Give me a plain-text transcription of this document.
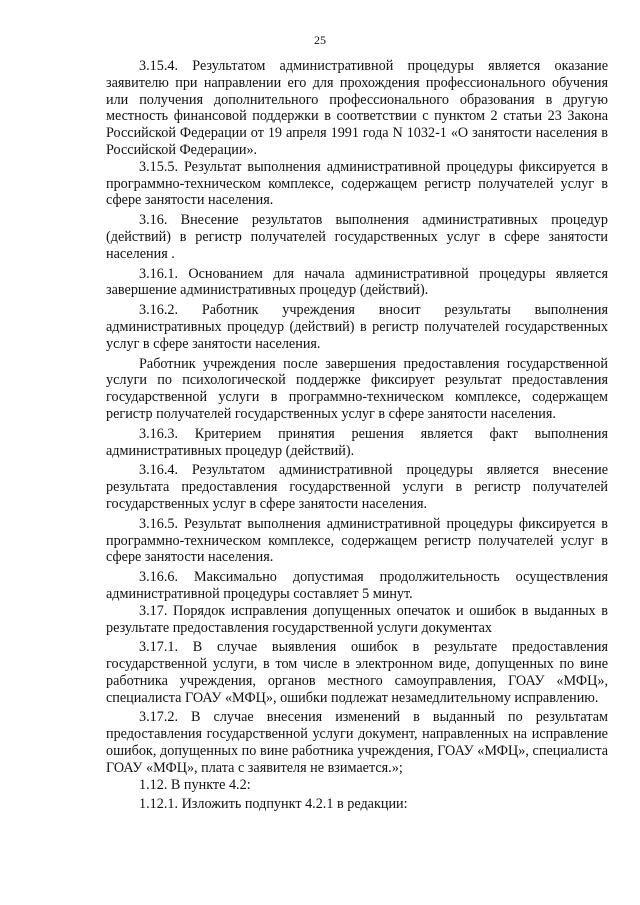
25

3.15.4. Результатом административной процедуры является оказание заявителю при направлении его для прохождения профессионального обучения или получения дополнительного профессионального образования в другую местность финансовой поддержки в соответствии с пунктом 2 статьи 23 Закона Российской Федерации от 19 апреля 1991 года N 1032-1 «О занятости населения в Российской Федерации».

3.15.5. Результат выполнения административной процедуры фиксируется в программно-техническом комплексе, содержащем регистр получателей услуг в сфере занятости населения.

3.16. Внесение результатов выполнения административных процедур (действий) в регистр получателей государственных услуг в сфере занятости населения .

3.16.1. Основанием для начала административной процедуры является завершение административных процедур (действий).

3.16.2. Работник учреждения вносит результаты выполнения административных процедур (действий) в регистр получателей государственных услуг в сфере занятости населения.

Работник учреждения после завершения предоставления государственной услуги по психологической поддержке фиксирует результат предоставления государственной услуги в программно-техническом комплексе, содержащем регистр получателей государственных услуг в сфере занятости населения.

3.16.3. Критерием принятия решения является факт выполнения административных процедур (действий).

3.16.4. Результатом административной процедуры является внесение результата предоставления государственной услуги в регистр получателей государственных услуг в сфере занятости населения.

3.16.5. Результат выполнения административной процедуры фиксируется в программно-техническом комплексе, содержащем регистр получателей услуг в сфере занятости населения.

3.16.6. Максимально допустимая продолжительность осуществления административной процедуры составляет 5 минут.

3.17. Порядок исправления допущенных опечаток и ошибок в выданных в результате предоставления государственной услуги документах

3.17.1. В случае выявления ошибок в результате предоставления государственной услуги, в том числе в электронном виде, допущенных по вине работника учреждения, органов местного самоуправления, ГОАУ «МФЦ», специалиста ГОАУ «МФЦ», ошибки подлежат незамедлительному исправлению.

3.17.2. В случае внесения изменений в выданный по результатам предоставления государственной услуги документ, направленных на исправление ошибок, допущенных по вине работника учреждения, ГОАУ «МФЦ», специалиста ГОАУ «МФЦ», плата с заявителя не взимается.»;

1.12. В пункте 4.2:

1.12.1. Изложить подпункт 4.2.1 в редакции:
